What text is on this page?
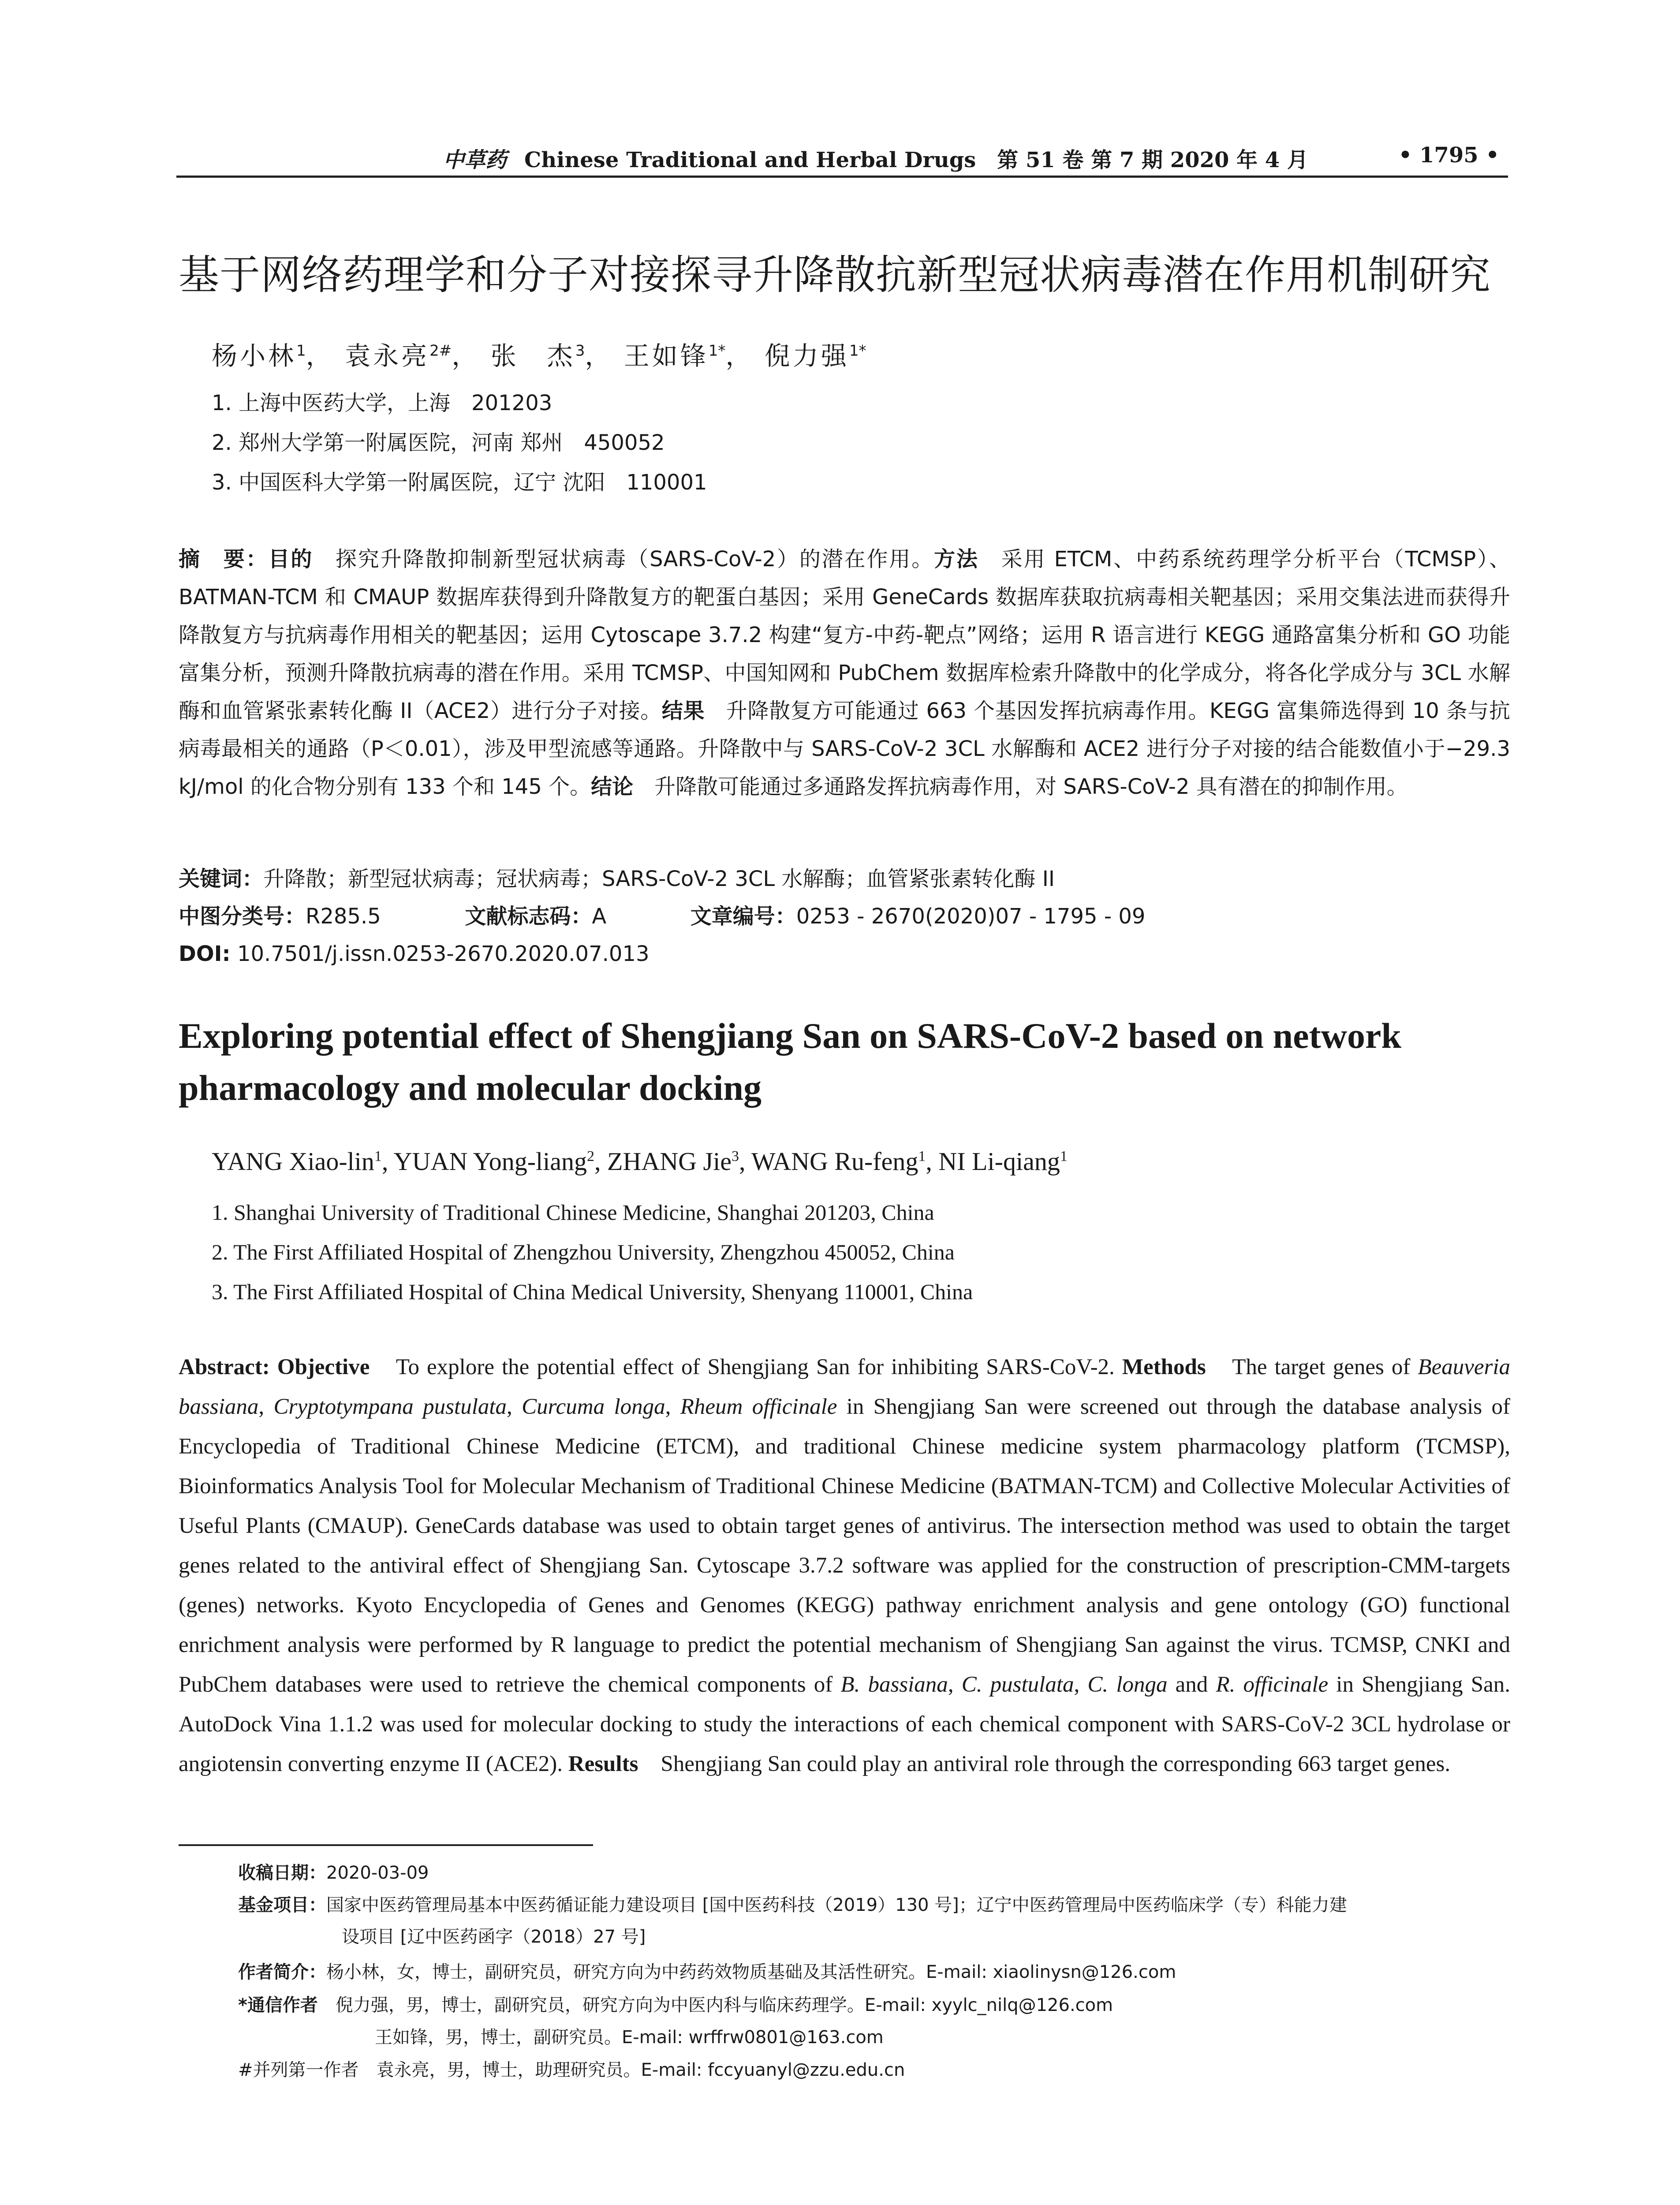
中草药 Chinese Traditional and Herbal Drugs　第 51 卷 第 7 期 2020 年 4 月	• 1795 •
基于网络药理学和分子对接探寻升降散抗新型冠状病毒潜在作用机制研究
杨小林$^1$， 袁永亮$^{2\#}$， 张　杰$^3$， 王如锋$^{1*}$， 倪力强$^{1*}$
1. 上海中医药大学，上海　201203
2. 郑州大学第一附属医院，河南 郑州　450052
3. 中国医科大学第一附属医院，辽宁 沈阳　110001
摘　要：目的　探究升降散抑制新型冠状病毒（SARS-CoV-2）的潜在作用。方法　采用 ETCM、中药系统药理学分析平台（TCMSP）、BATMAN-TCM 和 CMAUP 数据库获得到升降散复方的靶蛋白基因；采用 GeneCards 数据库获取抗病毒相关靶基因；采用交集法进而获得升降散复方与抗病毒作用相关的靶基因；运用 Cytoscape 3.7.2 构建“复方-中药-靶点”网络；运用 R 语言进行 KEGG 通路富集分析和 GO 功能富集分析，预测升降散抗病毒的潜在作用。采用 TCMSP、中国知网和 PubChem 数据库检索升降散中的化学成分，将各化学成分与 3CL 水解酶和血管紧张素转化酶 II（ACE2）进行分子对接。结果　升降散复方可能通过 663 个基因发挥抗病毒作用。KEGG 富集筛选得到 10 条与抗病毒最相关的通路（P＜0.01），涉及甲型流感等通路。升降散中与 SARS-CoV-2 3CL 水解酶和 ACE2 进行分子对接的结合能数值小于−29.3 kJ/mol 的化合物分别有 133 个和 145 个。结论　升降散可能通过多通路发挥抗病毒作用，对 SARS-CoV-2 具有潜在的抑制作用。
关键词：升降散；新型冠状病毒；冠状病毒；SARS-CoV-2 3CL 水解酶；血管紧张素转化酶 II
中图分类号：R285.5	文献标志码：A	文章编号：0253 - 2670(2020)07 - 1795 - 09
DOI: 10.7501/j.issn.0253-2670.2020.07.013
Exploring potential effect of Shengjiang San on SARS-CoV-2 based on network pharmacology and molecular docking
YANG Xiao-lin$^1$, YUAN Yong-liang$^2$, ZHANG Jie$^3$, WANG Ru-feng$^1$, NI Li-qiang$^1$
1. Shanghai University of Traditional Chinese Medicine, Shanghai 201203, China
2. The First Affiliated Hospital of Zhengzhou University, Zhengzhou 450052, China
3. The First Affiliated Hospital of China Medical University, Shenyang 110001, China
Abstract: Objective　To explore the potential effect of Shengjiang San for inhibiting SARS-CoV-2. Methods　The target genes of Beauveria bassiana, Cryptotympana pustulata, Curcuma longa, Rheum officinale in Shengjiang San were screened out through the database analysis of Encyclopedia of Traditional Chinese Medicine (ETCM), and traditional Chinese medicine system pharmacology platform (TCMSP), Bioinformatics Analysis Tool for Molecular Mechanism of Traditional Chinese Medicine (BATMAN-TCM) and Collective Molecular Activities of Useful Plants (CMAUP). GeneCards database was used to obtain target genes of antivirus. The intersection method was used to obtain the target genes related to the antiviral effect of Shengjiang San. Cytoscape 3.7.2 software was applied for the construction of prescription-CMM-targets (genes) networks. Kyoto Encyclopedia of Genes and Genomes (KEGG) pathway enrichment analysis and gene ontology (GO) functional enrichment analysis were performed by R language to predict the potential mechanism of Shengjiang San against the virus. TCMSP, CNKI and PubChem databases were used to retrieve the chemical components of B. bassiana, C. pustulata, C. longa and R. officinale in Shengjiang San. AutoDock Vina 1.1.2 was used for molecular docking to study the interactions of each chemical component with SARS-CoV-2 3CL hydrolase or angiotensin converting enzyme II (ACE2). Results　Shengjiang San could play an antiviral role through the corresponding 663 target genes.
收稿日期：2020-03-09
基金项目：国家中医药管理局基本中医药循证能力建设项目 [国中医药科技（2019）130 号]；辽宁中医药管理局中医药临床学（专）科能力建
设项目 [辽中医药函字（2018）27 号]
作者简介：杨小林，女，博士，副研究员，研究方向为中药药效物质基础及其活性研究。E-mail: xiaolinysn@126.com
*通信作者　倪力强，男，博士，副研究员，研究方向为中医内科与临床药理学。E-mail: xyylc_nilq@126.com
王如锋，男，博士，副研究员。E-mail: wrffrw0801@163.com
#并列第一作者　袁永亮，男，博士，助理研究员。E-mail: fccyuanyl@zzu.edu.cn
